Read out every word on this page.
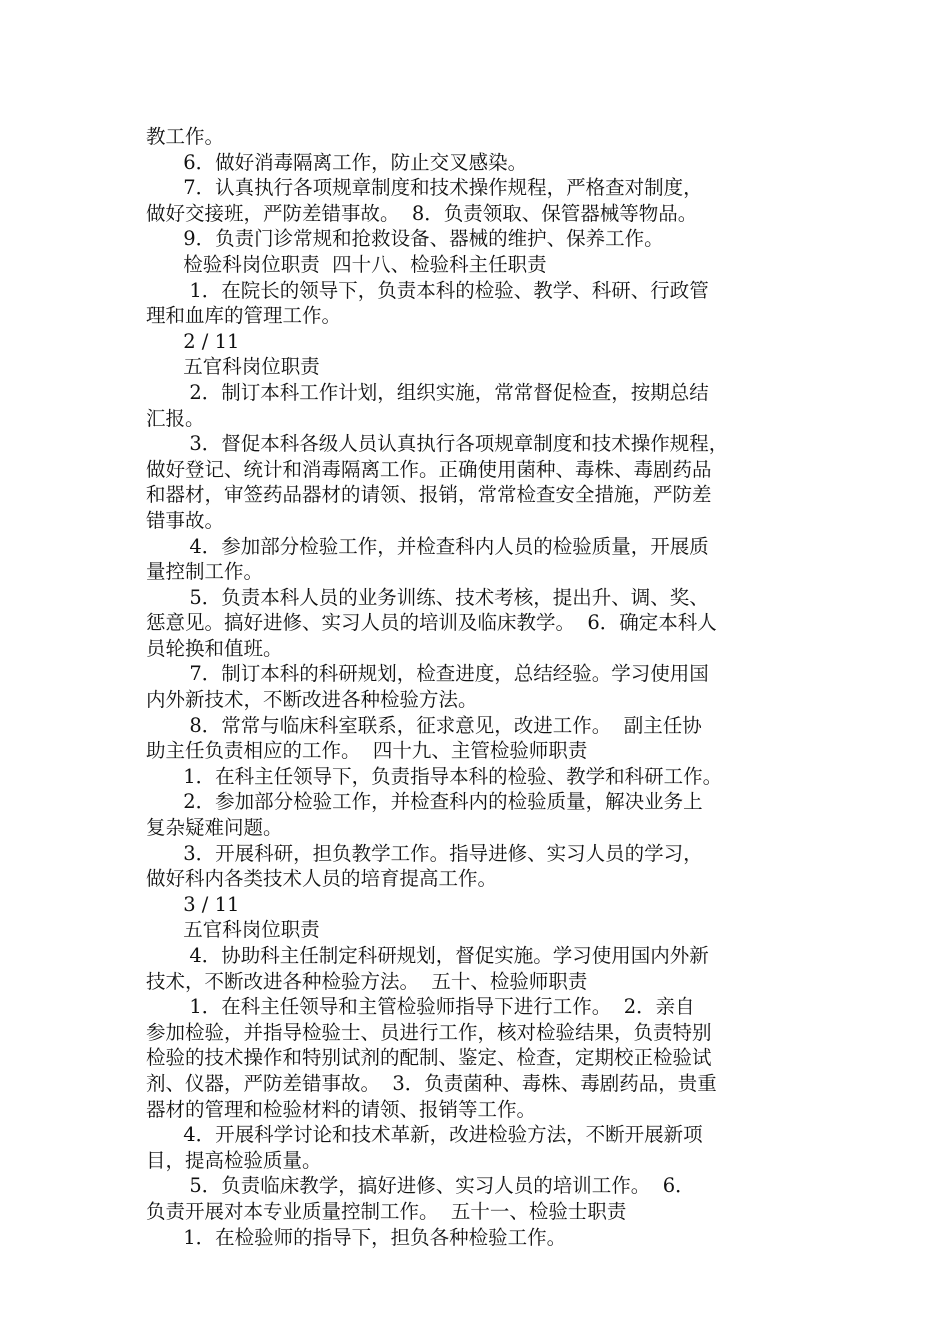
教工作。
6．做好消毒隔离工作，防止交叉感染。
7．认真执行各项规章制度和技术操作规程，严格查对制度，
做好交接班，严防差错事故。  8．负责领取、保管器械等物品。
9．负责门诊常规和抢救设备、器械的维护、保养工作。
检验科岗位职责  四十八、检验科主任职责
1．在院长的领导下，负责本科的检验、教学、科研、行政管
理和血库的管理工作。
2 / 11
五官科岗位职责
2．制订本科工作计划，组织实施，常常督促检查，按期总结
汇报。
3．督促本科各级人员认真执行各项规章制度和技术操作规程，
做好登记、统计和消毒隔离工作。正确使用菌种、毒株、毒剧药品
和器材，审签药品器材的请领、报销，常常检查安全措施，严防差
错事故。
4．参加部分检验工作，并检查科内人员的检验质量，开展质
量控制工作。
5．负责本科人员的业务训练、技术考核，提出升、调、奖、
惩意见。搞好进修、实习人员的培训及临床教学。  6．确定本科人
员轮换和值班。
7．制订本科的科研规划，检查进度，总结经验。学习使用国
内外新技术，不断改进各种检验方法。
8．常常与临床科室联系，征求意见，改进工作。  副主任协
助主任负责相应的工作。  四十九、主管检验师职责
1．在科主任领导下，负责指导本科的检验、教学和科研工作。
2．参加部分检验工作，并检查科内的检验质量，解决业务上
复杂疑难问题。
3．开展科研，担负教学工作。指导进修、实习人员的学习，
做好科内各类技术人员的培育提高工作。
3 / 11
五官科岗位职责
4．协助科主任制定科研规划，督促实施。学习使用国内外新
技术，不断改进各种检验方法。  五十、检验师职责
1．在科主任领导和主管检验师指导下进行工作。  2．亲自
参加检验，并指导检验士、员进行工作，核对检验结果，负责特别
检验的技术操作和特别试剂的配制、鉴定、检查，定期校正检验试
剂、仪器，严防差错事故。  3．负责菌种、毒株、毒剧药品，贵重
器材的管理和检验材料的请领、报销等工作。
4．开展科学讨论和技术革新，改进检验方法，不断开展新项
目，提高检验质量。
5．负责临床教学，搞好进修、实习人员的培训工作。  6．
负责开展对本专业质量控制工作。  五十一、检验士职责
1．在检验师的指导下，担负各种检验工作。
